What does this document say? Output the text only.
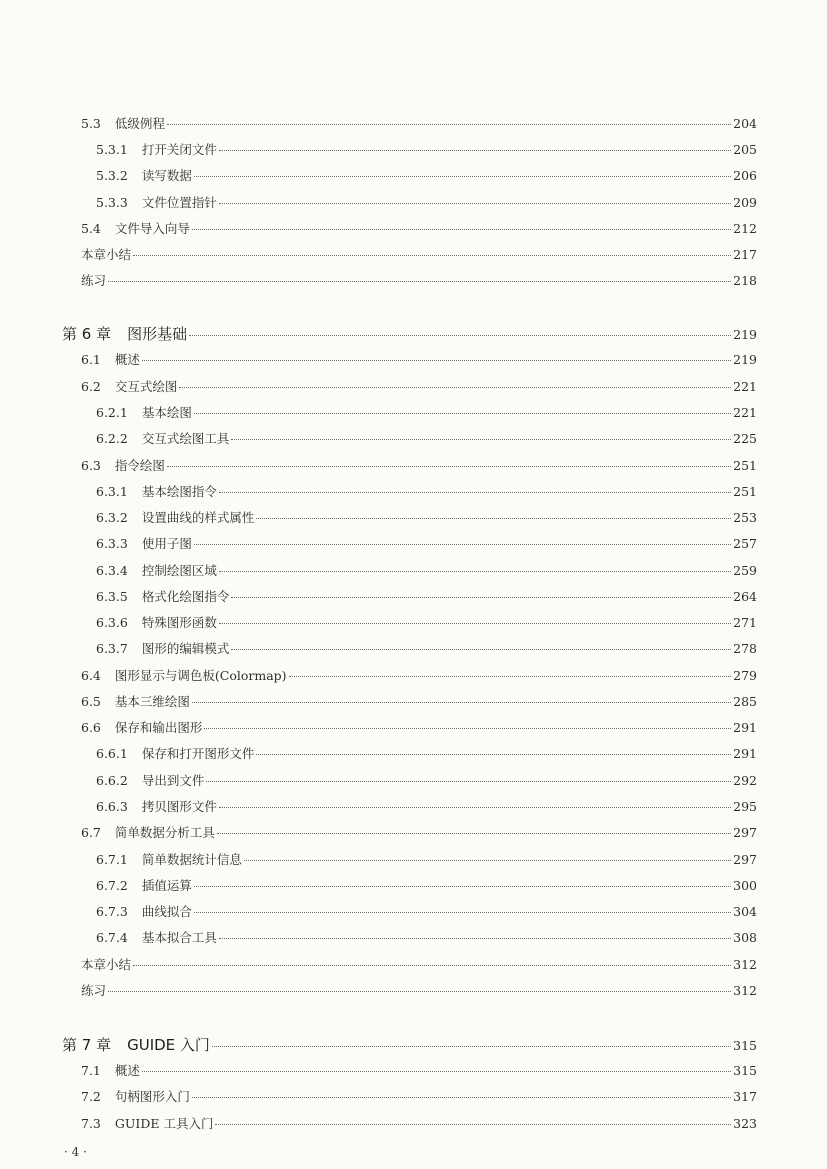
5.3 低级例程	204
5.3.1 打开关闭文件	205
5.3.2 读写数据	206
5.3.3 文件位置指针	209
5.4 文件导入向导	212
本章小结	217
练习	218
第 6 章 图形基础	219
6.1 概述	219
6.2 交互式绘图	221
6.2.1 基本绘图	221
6.2.2 交互式绘图工具	225
6.3 指令绘图	251
6.3.1 基本绘图指令	251
6.3.2 设置曲线的样式属性	253
6.3.3 使用子图	257
6.3.4 控制绘图区域	259
6.3.5 格式化绘图指令	264
6.3.6 特殊图形函数	271
6.3.7 图形的编辑模式	278
6.4 图形显示与调色板(Colormap)	279
6.5 基本三维绘图	285
6.6 保存和输出图形	291
6.6.1 保存和打开图形文件	291
6.6.2 导出到文件	292
6.6.3 拷贝图形文件	295
6.7 简单数据分析工具	297
6.7.1 简单数据统计信息	297
6.7.2 插值运算	300
6.7.3 曲线拟合	304
6.7.4 基本拟合工具	308
本章小结	312
练习	312
第 7 章 GUIDE 入门	315
7.1 概述	315
7.2 句柄图形入门	317
7.3 GUIDE 工具入门	323
· 4 ·
